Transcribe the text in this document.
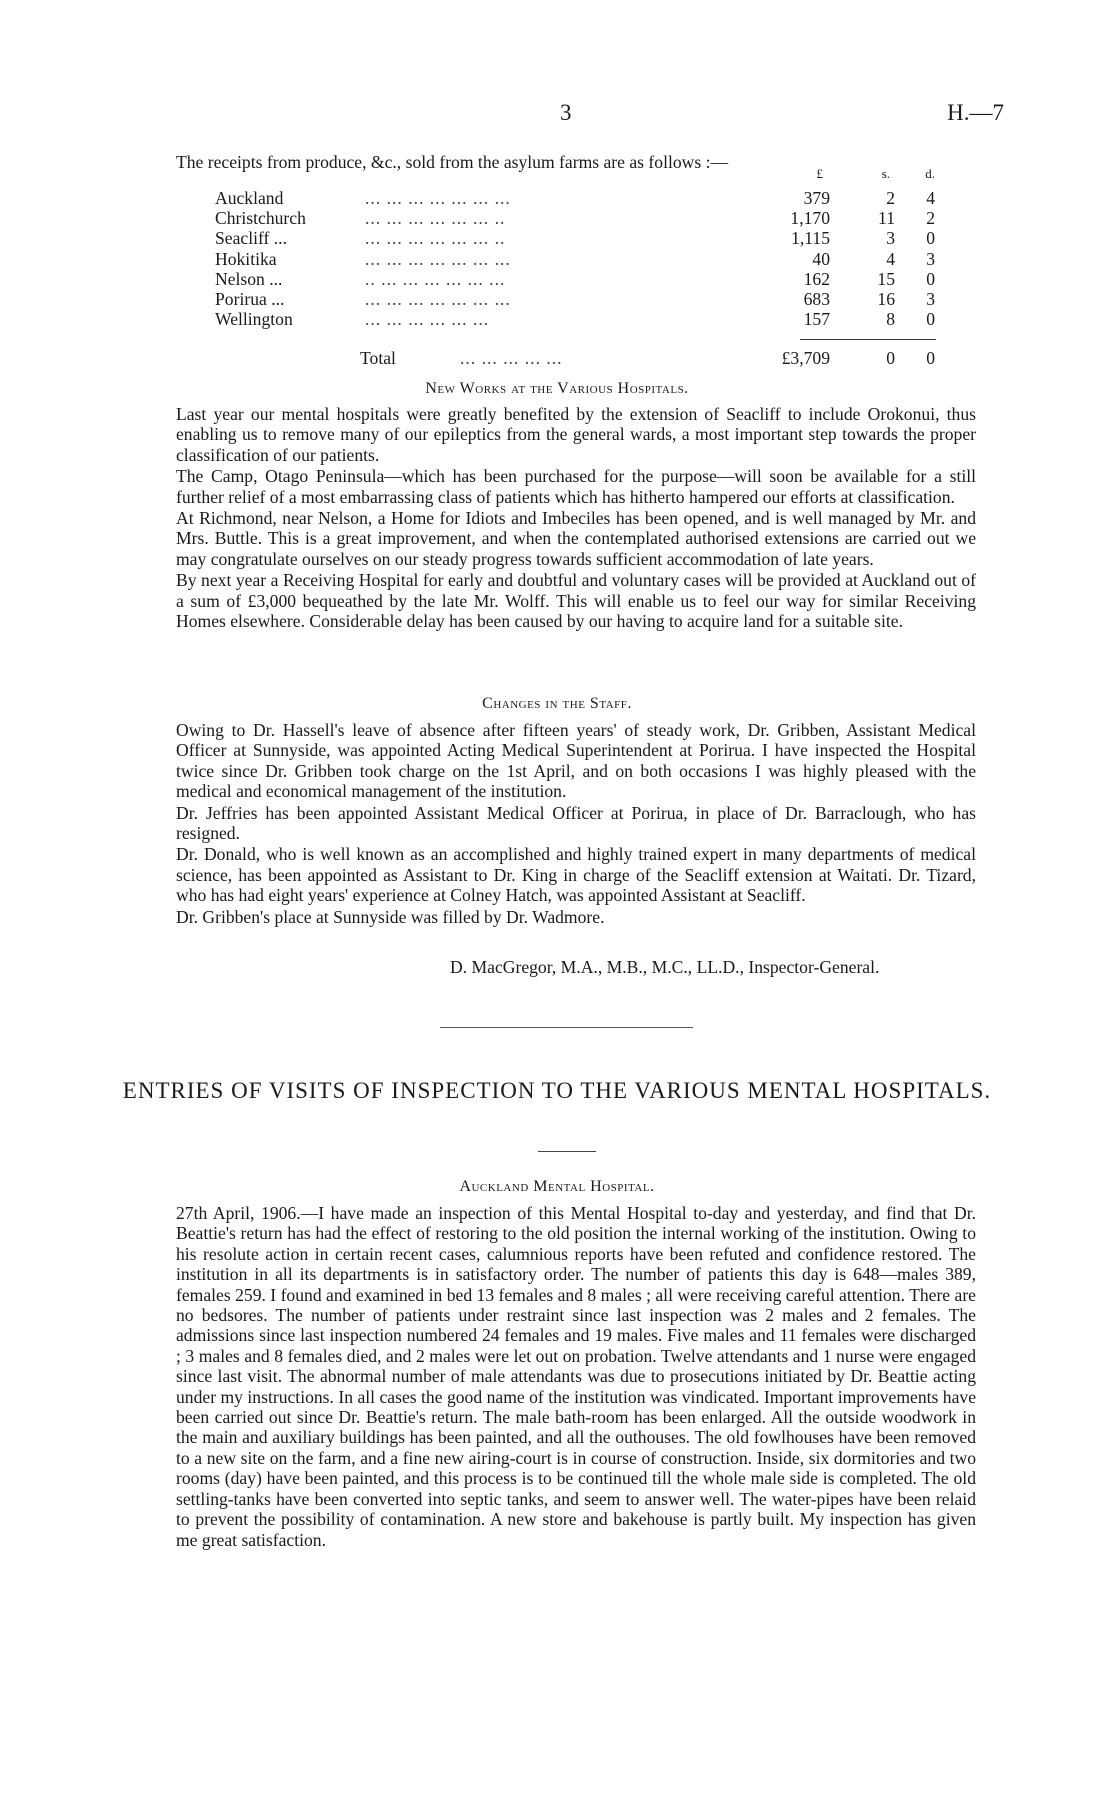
3	H.—7
The receipts from produce, &c., sold from the asylum farms are as follows :—
£	s.	d.
Auckland	... ... ... ... ... ... ...	379	2	4
Christchurch	... ... ... ... ... ... ..	1,170	11	2
Seacliff ...	... ... ... ... ... ... ..	1,115	3	0
Hokitika	... ... ... ... ... ... ...	40	4	3
Nelson ...	.. ... ... ... ... ... ...	162	15	0
Porirua ...	... ... ... ... ... ... ...	683	16	3
Wellington	... ... ... ... ... ...	157	8	0
Total	... ... ... ... ...	£3,709	0	0
New Works at the Various Hospitals.

Last year our mental hospitals were greatly benefited by the extension of Seacliff to include Orokonui, thus enabling us to remove many of our epileptics from the general wards, a most important step towards the proper classification of our patients.

The Camp, Otago Peninsula—which has been purchased for the purpose—will soon be available for a still further relief of a most embarrassing class of patients which has hitherto hampered our efforts at classification.

At Richmond, near Nelson, a Home for Idiots and Imbeciles has been opened, and is well managed by Mr. and Mrs. Buttle. This is a great improvement, and when the contemplated authorised extensions are carried out we may congratulate ourselves on our steady progress towards sufficient accommodation of late years.

By next year a Receiving Hospital for early and doubtful and voluntary cases will be provided at Auckland out of a sum of £3,000 bequeathed by the late Mr. Wolff. This will enable us to feel our way for similar Receiving Homes elsewhere. Considerable delay has been caused by our having to acquire land for a suitable site.

Changes in the Staff.

Owing to Dr. Hassell's leave of absence after fifteen years' of steady work, Dr. Gribben, Assistant Medical Officer at Sunnyside, was appointed Acting Medical Superintendent at Porirua. I have inspected the Hospital twice since Dr. Gribben took charge on the 1st April, and on both occasions I was highly pleased with the medical and economical management of the institution.

Dr. Jeffries has been appointed Assistant Medical Officer at Porirua, in place of Dr. Barraclough, who has resigned.

Dr. Donald, who is well known as an accomplished and highly trained expert in many departments of medical science, has been appointed as Assistant to Dr. King in charge of the Seacliff extension at Waitati. Dr. Tizard, who has had eight years' experience at Colney Hatch, was appointed Assistant at Seacliff.

Dr. Gribben's place at Sunnyside was filled by Dr. Wadmore.

D. MacGregor, M.A., M.B., M.C., LL.D., Inspector-General.
ENTRIES OF VISITS OF INSPECTION TO THE VARIOUS MENTAL HOSPITALS.
Auckland Mental Hospital.

27th April, 1906.—I have made an inspection of this Mental Hospital to-day and yesterday, and find that Dr. Beattie's return has had the effect of restoring to the old position the internal working of the institution. Owing to his resolute action in certain recent cases, calumnious reports have been refuted and confidence restored. The institution in all its departments is in satisfactory order. The number of patients this day is 648—males 389, females 259. I found and examined in bed 13 females and 8 males ; all were receiving careful attention. There are no bedsores. The number of patients under restraint since last inspection was 2 males and 2 females. The admissions since last inspection numbered 24 females and 19 males. Five males and 11 females were discharged ; 3 males and 8 females died, and 2 males were let out on probation. Twelve attendants and 1 nurse were engaged since last visit. The abnormal number of male attendants was due to prosecutions initiated by Dr. Beattie acting under my instructions. In all cases the good name of the institution was vindicated. Important improvements have been carried out since Dr. Beattie's return. The male bath-room has been enlarged. All the outside woodwork in the main and auxiliary buildings has been painted, and all the outhouses. The old fowlhouses have been removed to a new site on the farm, and a fine new airing-court is in course of construction. Inside, six dormitories and two rooms (day) have been painted, and this process is to be continued till the whole male side is completed. The old settling-tanks have been converted into septic tanks, and seem to answer well. The water-pipes have been relaid to prevent the possibility of contamination. A new store and bakehouse is partly built. My inspection has given me great satisfaction.
